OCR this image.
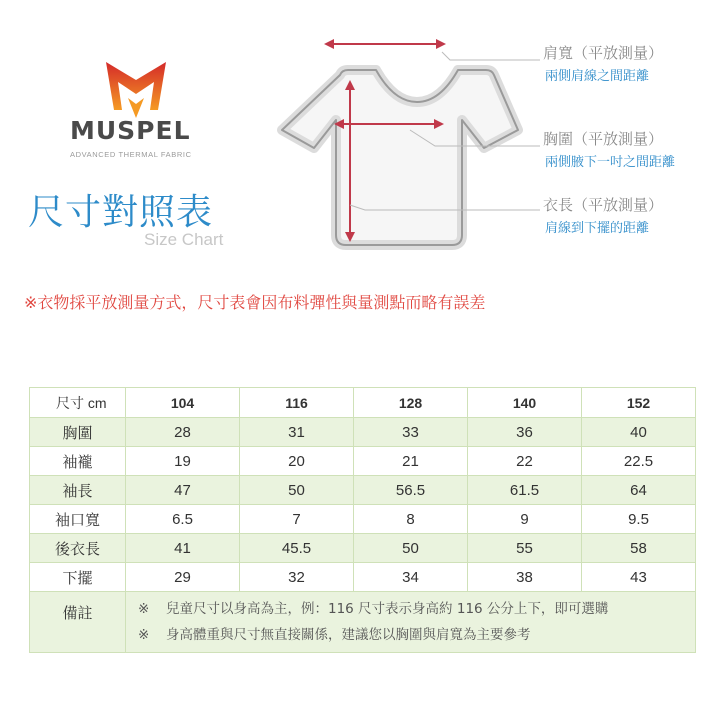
MUSPEL
ADVANCED THERMAL FABRIC
尺寸對照表
Size Chart
肩寬（平放測量）
兩側肩線之間距離
胸圍（平放測量）
兩側腋下一吋之間距離
衣長（平放測量）
肩線到下擺的距離
※衣物採平放測量方式，尺寸表會因布料彈性與量測點而略有誤差
尺寸 cm	104	116	128	140	152
胸圍	28	31	33	36	40
袖襱	19	20	21	22	22.5
袖長	47	50	56.5	61.5	64
袖口寬	6.5	7	8	9	9.5
後衣長	41	45.5	50	55	58
下擺	29	32	34	38	43
備註	※ 兒童尺寸以身高為主，例：116 尺寸表示身高約 116 公分上下，即可選購
※ 身高體重與尺寸無直接關係，建議您以胸圍與肩寬為主要參考				
